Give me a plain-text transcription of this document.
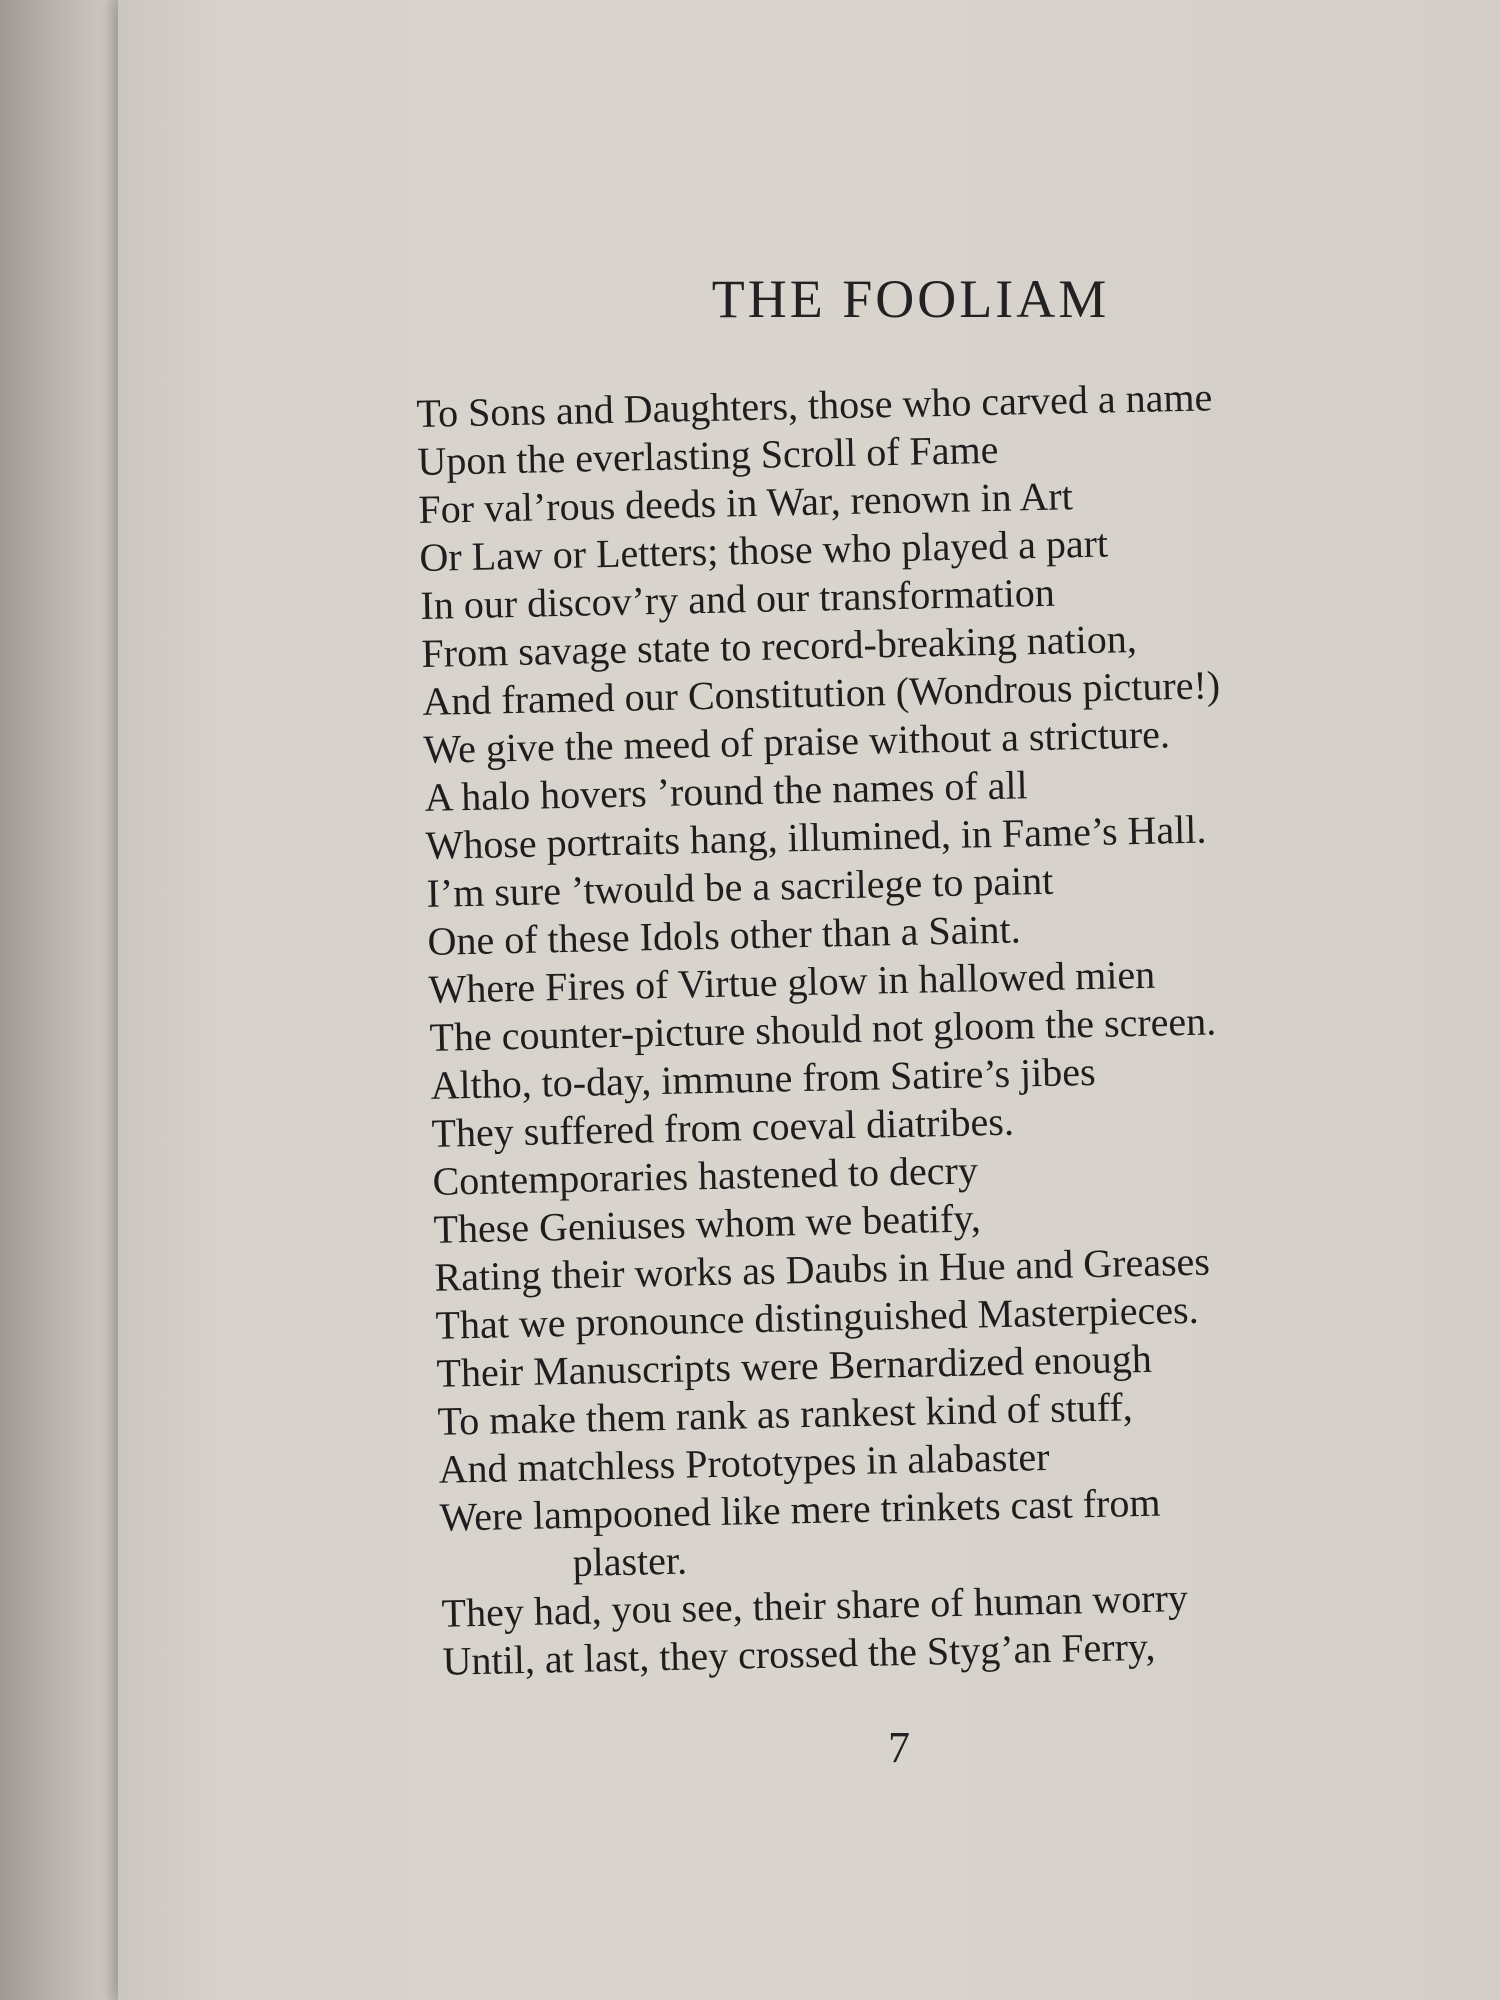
THE FOOLIAM
To Sons and Daughters, those who carved a name
Upon the everlasting Scroll of Fame
For val’rous deeds in War, renown in Art
Or Law or Letters; those who played a part
In our discov’ry and our transformation
From savage state to record-breaking nation,
And framed our Constitution (Wondrous picture!)
We give the meed of praise without a stricture.
A halo hovers ’round the names of all
Whose portraits hang, illumined, in Fame’s Hall.
I’m sure ’twould be a sacrilege to paint
One of these Idols other than a Saint.
Where Fires of Virtue glow in hallowed mien
The counter-picture should not gloom the screen.
Altho, to-day, immune from Satire’s jibes
They suffered from coeval diatribes.
Contemporaries hastened to decry
These Geniuses whom we beatify,
Rating their works as Daubs in Hue and Greases
That we pronounce distinguished Masterpieces.
Their Manuscripts were Bernardized enough
To make them rank as rankest kind of stuff,
And matchless Prototypes in alabaster
Were lampooned like mere trinkets cast from
plaster.
They had, you see, their share of human worry
Until, at last, they crossed the Styg’an Ferry,
7
